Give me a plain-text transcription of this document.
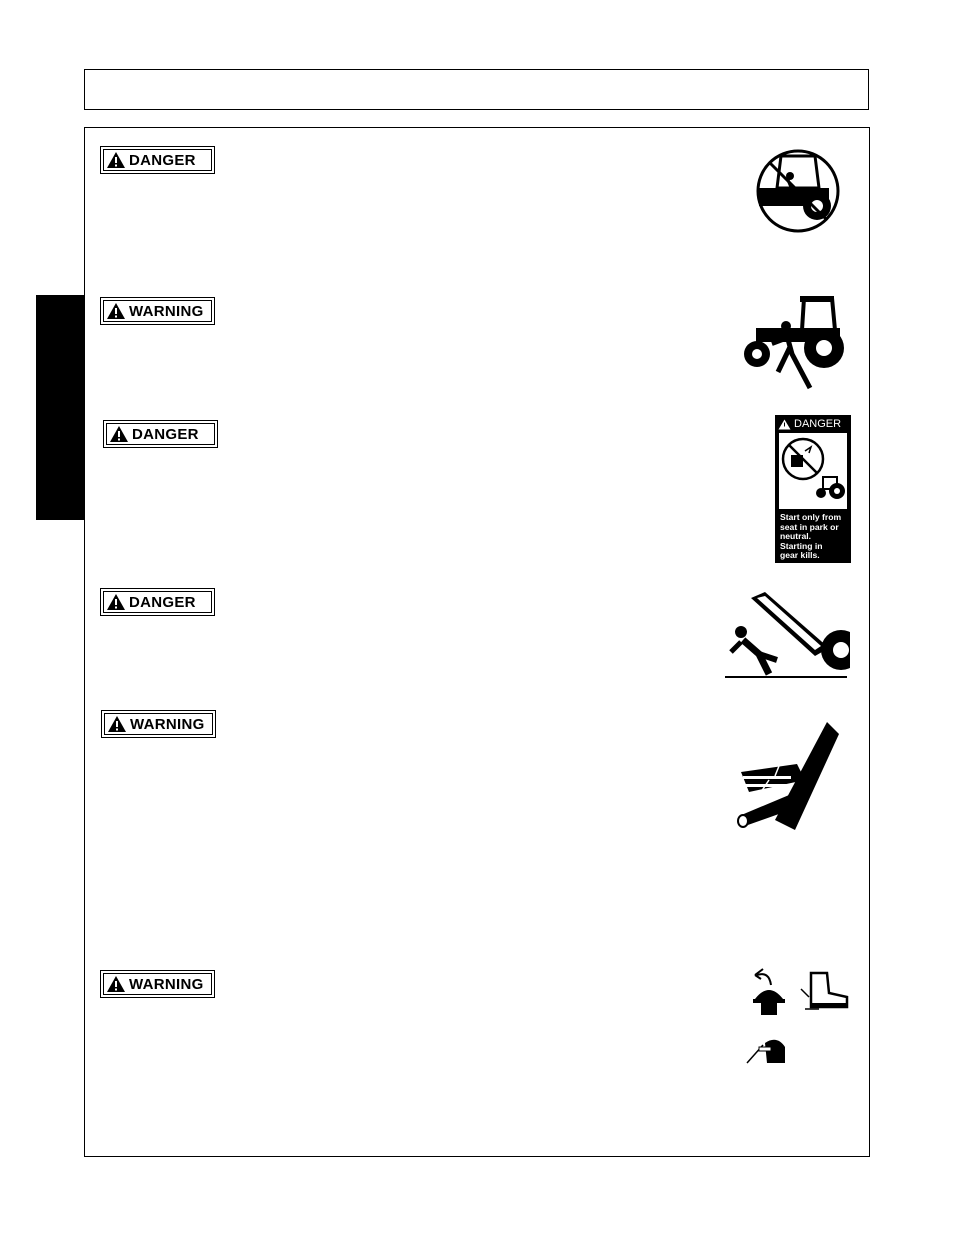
DANGER
WARNING
DANGER
DANGER
WARNING
WARNING
DANGER
Start only from
seat in park or
neutral.
Starting in
gear kills.
